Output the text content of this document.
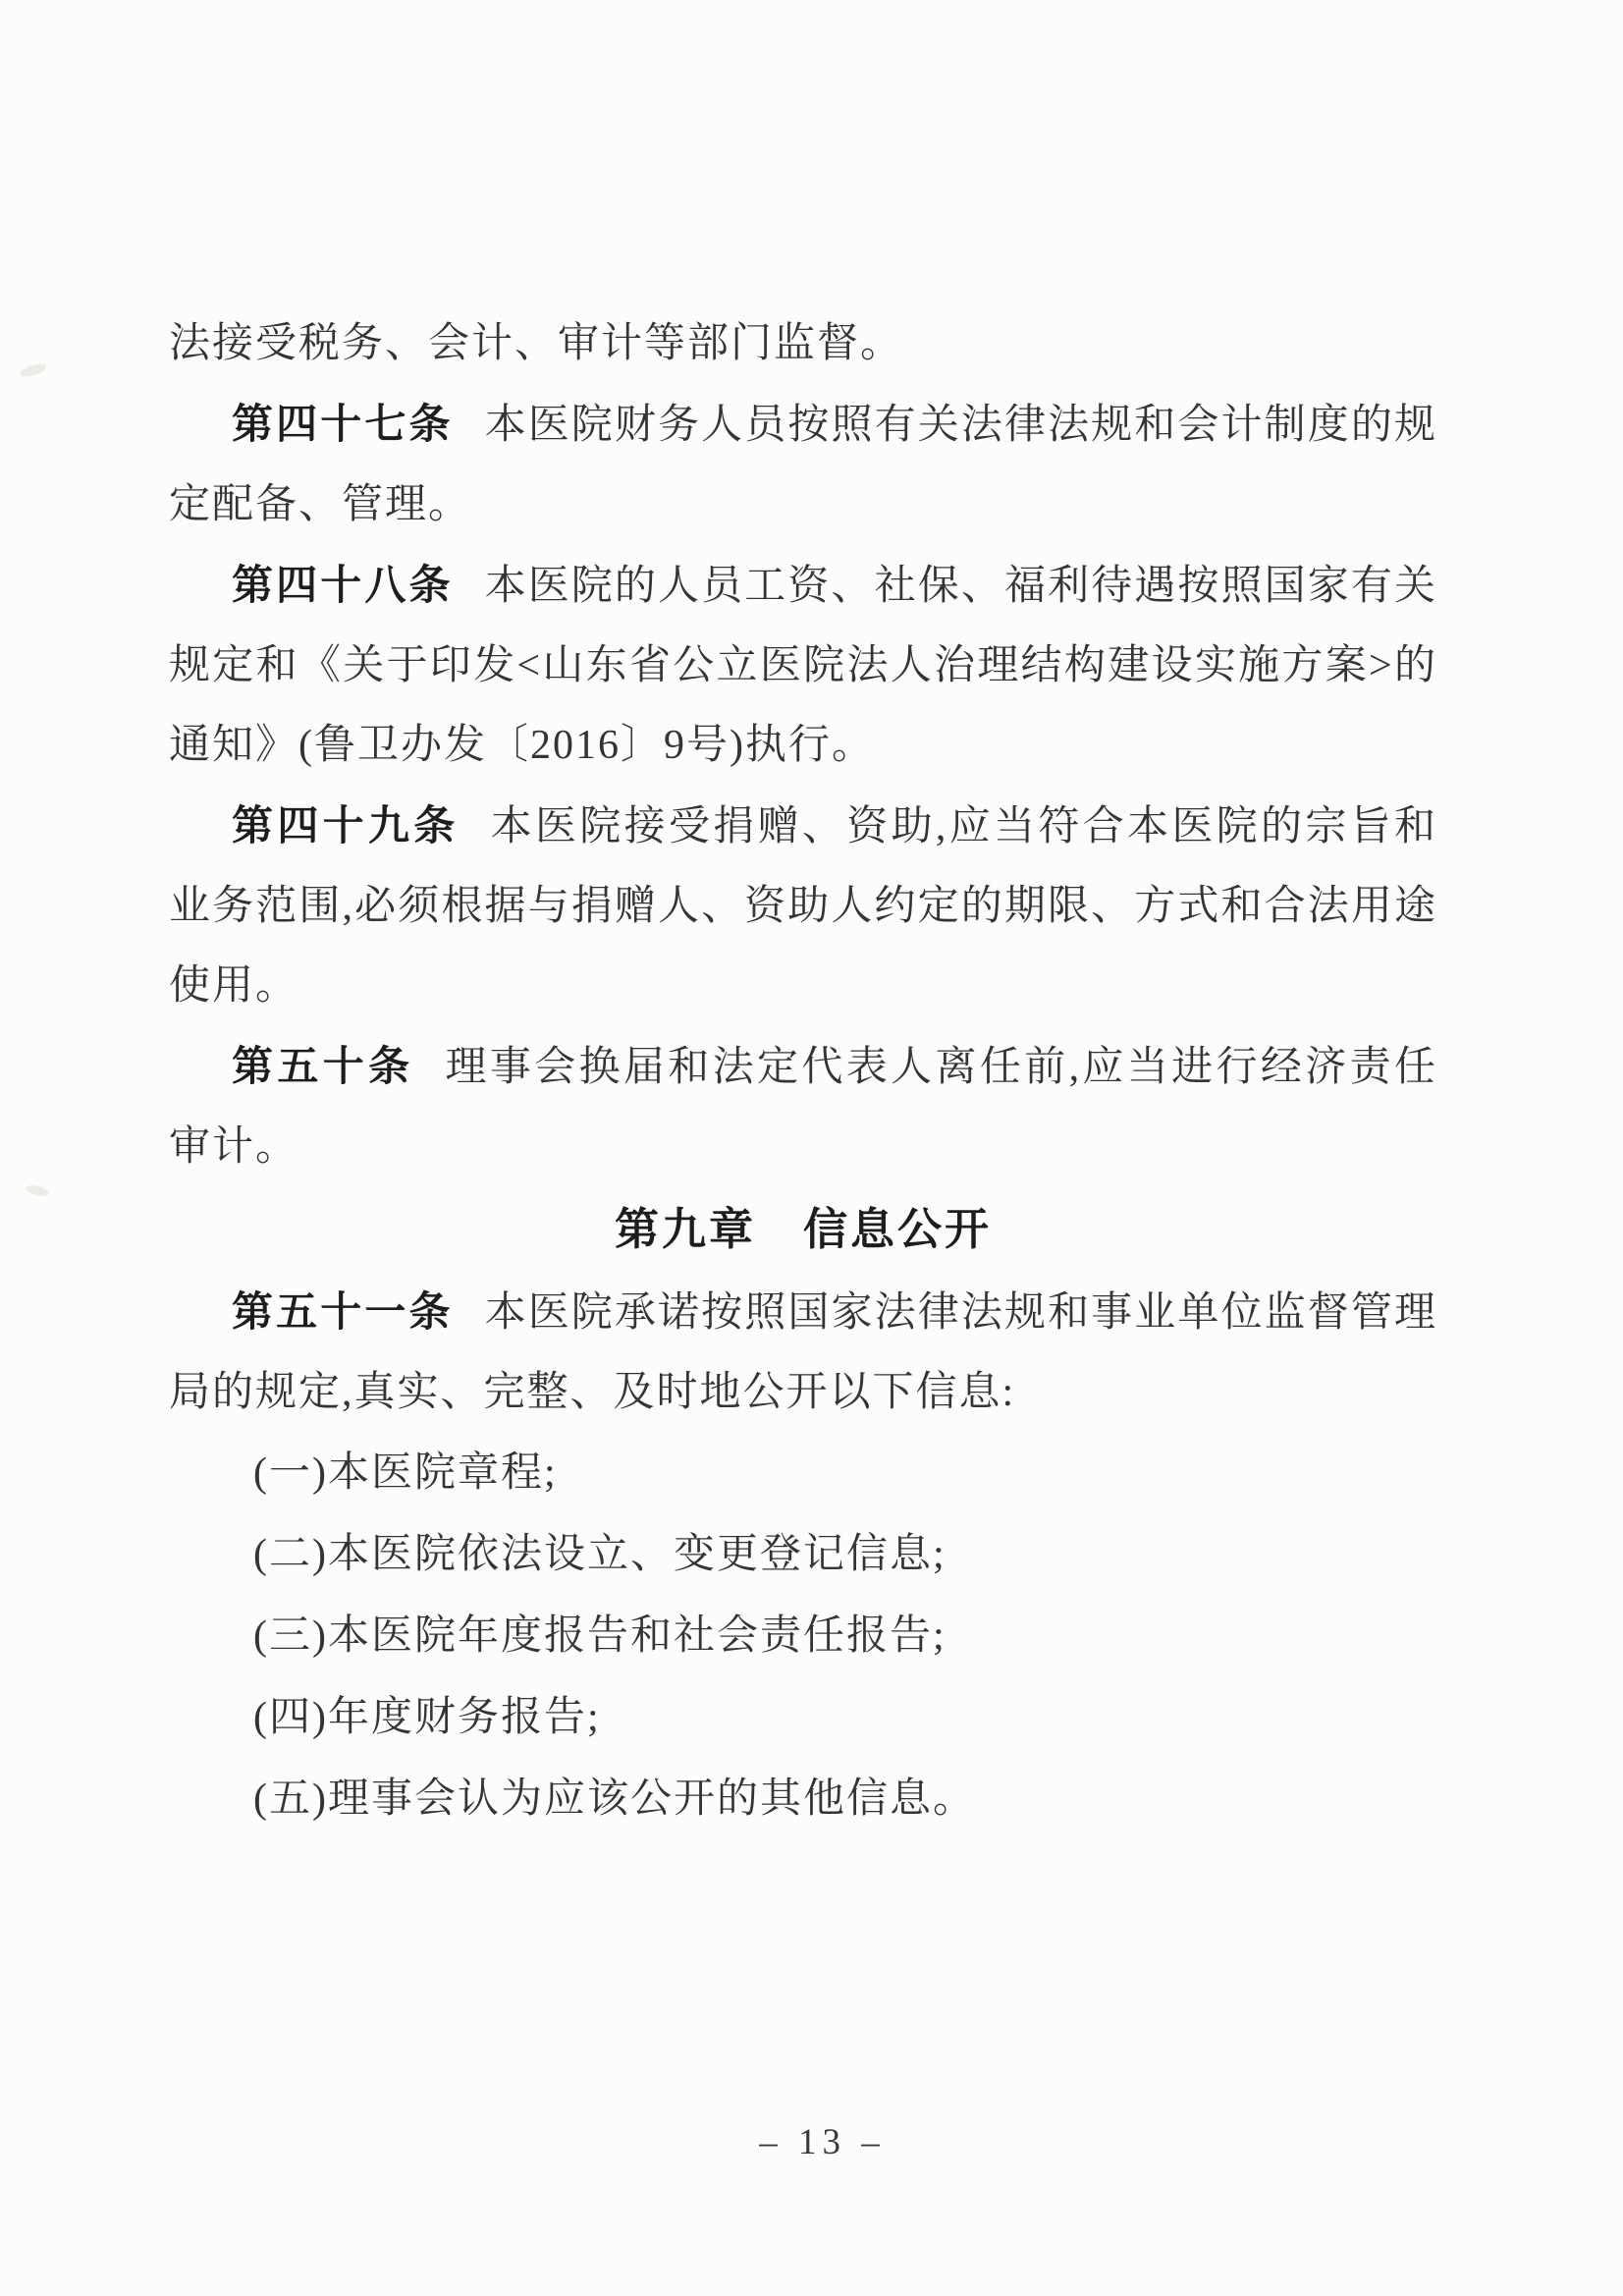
法接受税务、会计、审计等部门监督。

第四十七条 本医院财务人员按照有关法律法规和会计制度的规定配备、管理。

第四十八条 本医院的人员工资、社保、福利待遇按照国家有关规定和《关于印发<山东省公立医院法人治理结构建设实施方案>的通知》(鲁卫办发〔2016〕9号)执行。

第四十九条 本医院接受捐赠、资助,应当符合本医院的宗旨和业务范围,必须根据与捐赠人、资助人约定的期限、方式和合法用途使用。

第五十条 理事会换届和法定代表人离任前,应当进行经济责任审计。

第九章 信息公开

第五十一条 本医院承诺按照国家法律法规和事业单位监督管理局的规定,真实、完整、及时地公开以下信息:

(一)本医院章程;

(二)本医院依法设立、变更登记信息;

(三)本医院年度报告和社会责任报告;

(四)年度财务报告;

(五)理事会认为应该公开的其他信息。

– 13 –
